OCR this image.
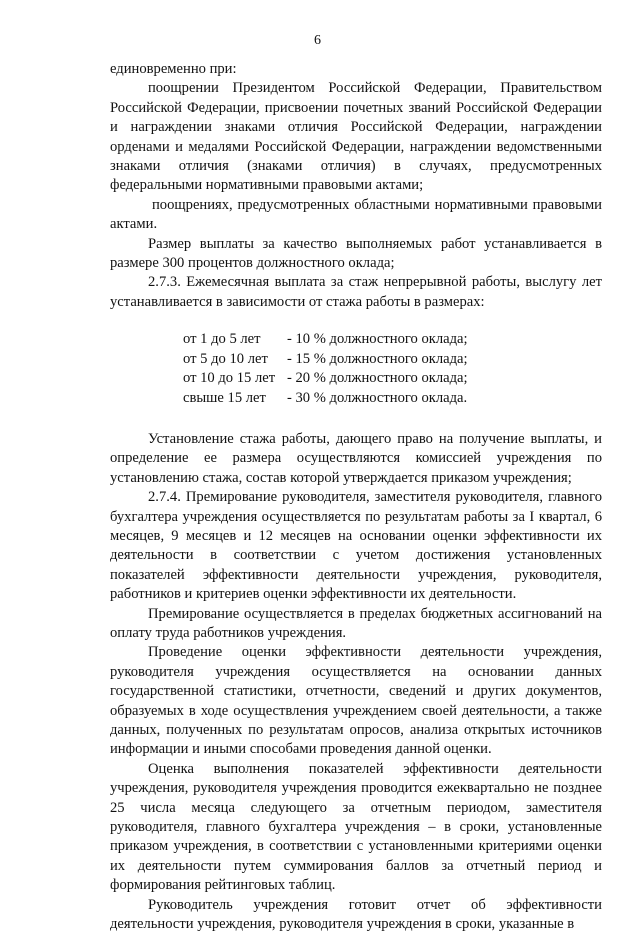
6

единовременно при:

поощрении Президентом Российской Федерации, Правительством Российской Федерации, присвоении почетных званий Российской Федерации и награждении знаками отличия Российской Федерации, награждении орденами и медалями Российской Федерации, награждении ведомственными знаками отличия (знаками отличия) в случаях, предусмотренных федеральными нормативными правовыми актами;

поощрениях, предусмотренных областными нормативными правовыми актами.

Размер выплаты за качество выполняемых работ устанавливается в размере 300 процентов должностного оклада;

2.7.3. Ежемесячная выплата за стаж непрерывной работы, выслугу лет устанавливается в зависимости от стажа работы в размерах:

от 1 до 5 лет	- 10 % должностного оклада;
от 5 до 10 лет	- 15 % должностного оклада;
от 10 до 15 лет - 20 % должностного оклада;
свыше 15 лет	- 30 % должностного оклада.

Установление стажа работы, дающего право на получение выплаты, и определение ее размера осуществляются комиссией учреждения по установлению стажа, состав которой утверждается приказом учреждения;

2.7.4. Премирование руководителя, заместителя руководителя, главного бухгалтера учреждения осуществляется по результатам работы за I квартал, 6 месяцев, 9 месяцев и 12 месяцев на основании оценки эффективности их деятельности в соответствии с учетом достижения установленных показателей эффективности деятельности учреждения, руководителя, работников и критериев оценки эффективности их деятельности.

Премирование осуществляется в пределах бюджетных ассигнований на оплату труда работников учреждения.

Проведение оценки эффективности деятельности учреждения, руководителя учреждения осуществляется на основании данных государственной статистики, отчетности, сведений и других документов, образуемых в ходе осуществления учреждением своей деятельности, а также данных, полученных по результатам опросов, анализа открытых источников информации и иными способами проведения данной оценки.

Оценка выполнения показателей эффективности деятельности учреждения, руководителя учреждения проводится ежеквартально не позднее 25 числа месяца следующего за отчетным периодом, заместителя руководителя, главного бухгалтера учреждения – в сроки, установленные приказом учреждения, в соответствии с установленными критериями оценки их деятельности путем суммирования баллов за отчетный период и формирования рейтинговых таблиц.

Руководитель учреждения готовит отчет об эффективности деятельности учреждения, руководителя учреждения в сроки, указанные в
